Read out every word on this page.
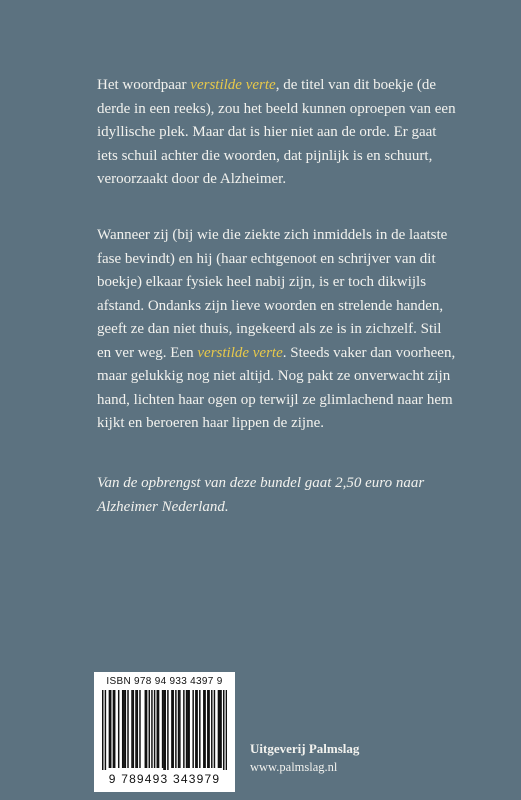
Het woordpaar verstilde verte, de titel van dit boekje (de derde in een reeks), zou het beeld kunnen oproepen van een idyllische plek. Maar dat is hier niet aan de orde. Er gaat iets schuil achter die woorden, dat pijnlijk is en schuurt, veroorzaakt door de Alzheimer.

Wanneer zij (bij wie die ziekte zich inmiddels in de laatste fase bevindt) en hij (haar echtgenoot en schrijver van dit boekje) elkaar fysiek heel nabij zijn, is er toch dikwijls afstand. Ondanks zijn lieve woorden en strelende handen, geeft ze dan niet thuis, ingekeerd als ze is in zichzelf. Stil en ver weg. Een verstilde verte. Steeds vaker dan voorheen, maar gelukkig nog niet altijd. Nog pakt ze onverwacht zijn hand, lichten haar ogen op terwijl ze glimlachend naar hem kijkt en beroeren haar lippen de zijne.

Van de opbrengst van deze bundel gaat 2,50 euro naar Alzheimer Nederland.

ISBN 978 94 933 4397 9
9 789493 343979
Uitgeverij Palmslag
www.palmslag.nl
